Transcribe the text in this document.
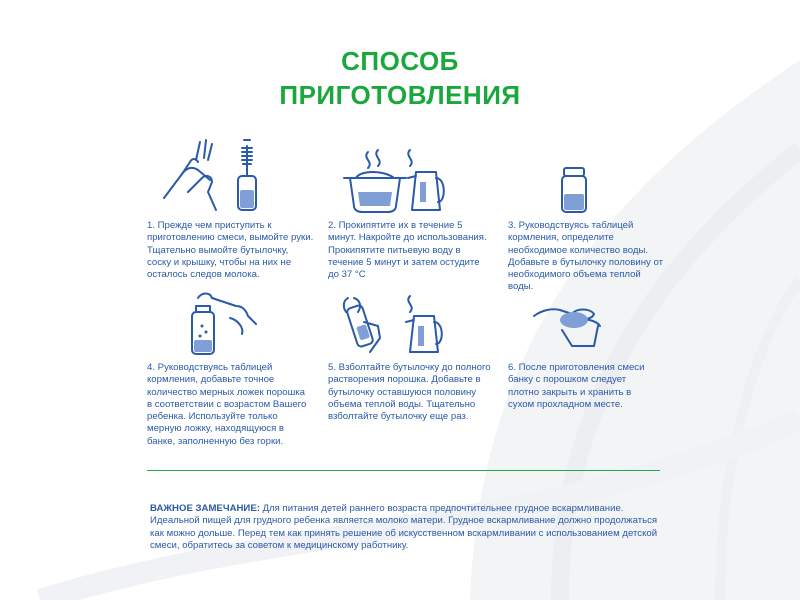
СПОСОБ
ПРИГОТОВЛЕНИЯ
1. Прежде чем приступить к приготовлению смеси, вымойте руки. Тщательно вымойте бутылочку, соску и крышку, чтобы на них не осталось следов молока.
2. Прокипятите их в течение 5 минут. Накройте до использования. Прокипятите питьевую воду в течение 5 минут и затем остудите до 37 °С
3. Руководствуясь таблицей кормления, определите необходимое количество воды. Добавьте в бутылочку половину от необходимого объема теплой воды.
4. Руководствуясь таблицей кормления, добавьте точное количество мерных ложек порошка в соответствии с возрастом Вашего ребенка. Используйте только мерную ложку, находящуюся в банке, заполненную без горки.
5. Взболтайте бутылочку до полного растворения порошка. Добавьте в бутылочку оставшуюся половину объема теплой воды. Тщательно взболтайте бутылочку еще раз.
6. После приготовления смеси банку с порошком следует плотно закрыть и хранить в сухом прохладном месте.
ВАЖНОЕ ЗАМЕЧАНИЕ: Для питания детей раннего возраста предпочтительнее грудное вскармливание. Идеальной пищей для грудного ребенка является молоко матери. Грудное вскармливание должно продолжаться как можно дольше. Перед тем как принять решение об искусственном вскармливании с использованием детской смеси, обратитесь за советом к медицинскому работнику.
